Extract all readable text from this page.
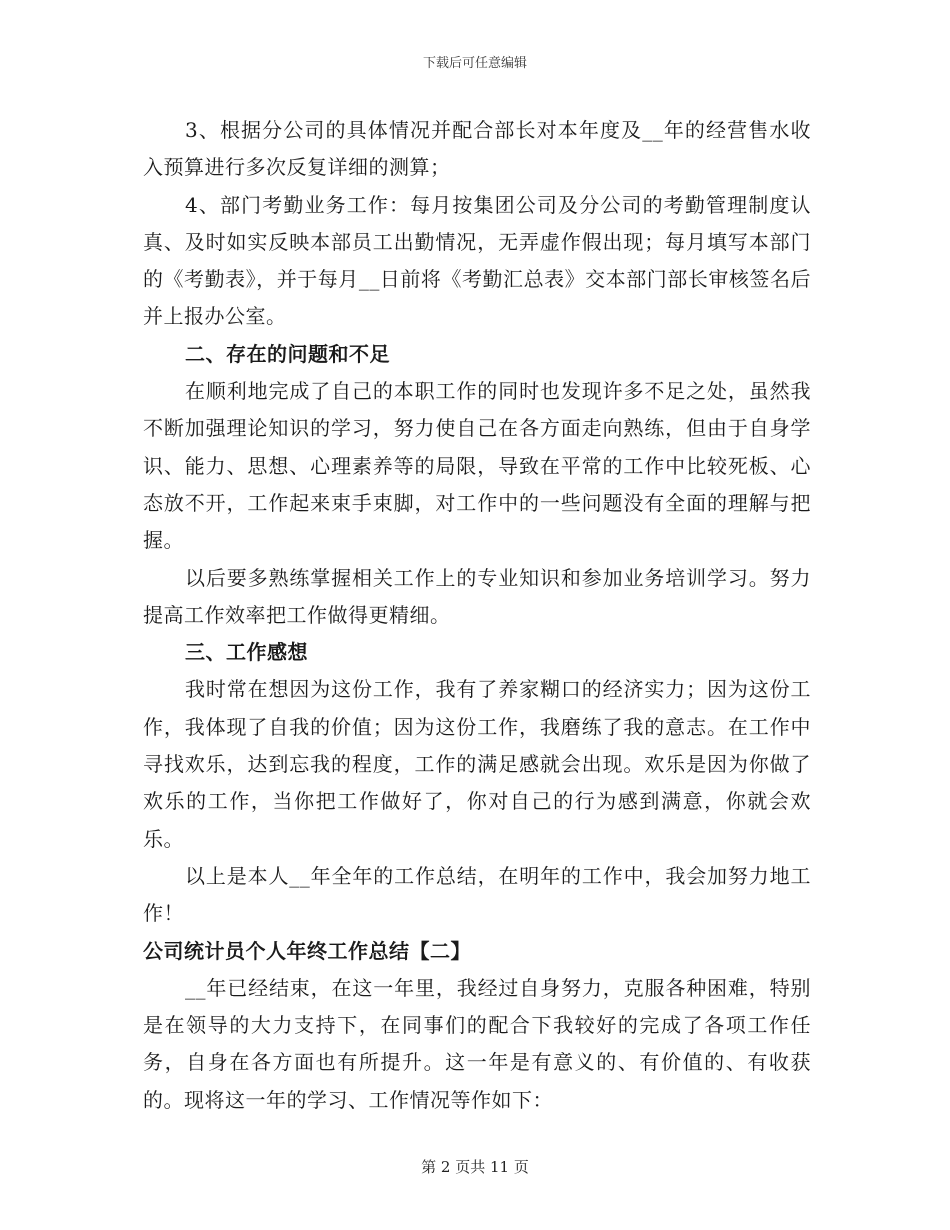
下载后可任意编辑

3、根据分公司的具体情况并配合部长对本年度及__年的经营售水收入预算进行多次反复详细的测算；

4、部门考勤业务工作：每月按集团公司及分公司的考勤管理制度认真、及时如实反映本部员工出勤情况，无弄虚作假出现；每月填写本部门的《考勤表》，并于每月__日前将《考勤汇总表》交本部门部长审核签名后并上报办公室。

二、存在的问题和不足

在顺利地完成了自己的本职工作的同时也发现许多不足之处，虽然我不断加强理论知识的学习，努力使自己在各方面走向熟练，但由于自身学识、能力、思想、心理素养等的局限，导致在平常的工作中比较死板、心态放不开，工作起来束手束脚，对工作中的一些问题没有全面的理解与把握。

以后要多熟练掌握相关工作上的专业知识和参加业务培训学习。努力提高工作效率把工作做得更精细。

三、工作感想

我时常在想因为这份工作，我有了养家糊口的经济实力；因为这份工作，我体现了自我的价值；因为这份工作，我磨练了我的意志。在工作中寻找欢乐，达到忘我的程度，工作的满足感就会出现。欢乐是因为你做了欢乐的工作，当你把工作做好了，你对自己的行为感到满意，你就会欢乐。

以上是本人__年全年的工作总结，在明年的工作中，我会加努力地工作！

公司统计员个人年终工作总结【二】

__年已经结束，在这一年里，我经过自身努力，克服各种困难，特别是在领导的大力支持下，在同事们的配合下我较好的完成了各项工作任务，自身在各方面也有所提升。这一年是有意义的、有价值的、有收获的。现将这一年的学习、工作情况等作如下：

第 2 页共 11 页
